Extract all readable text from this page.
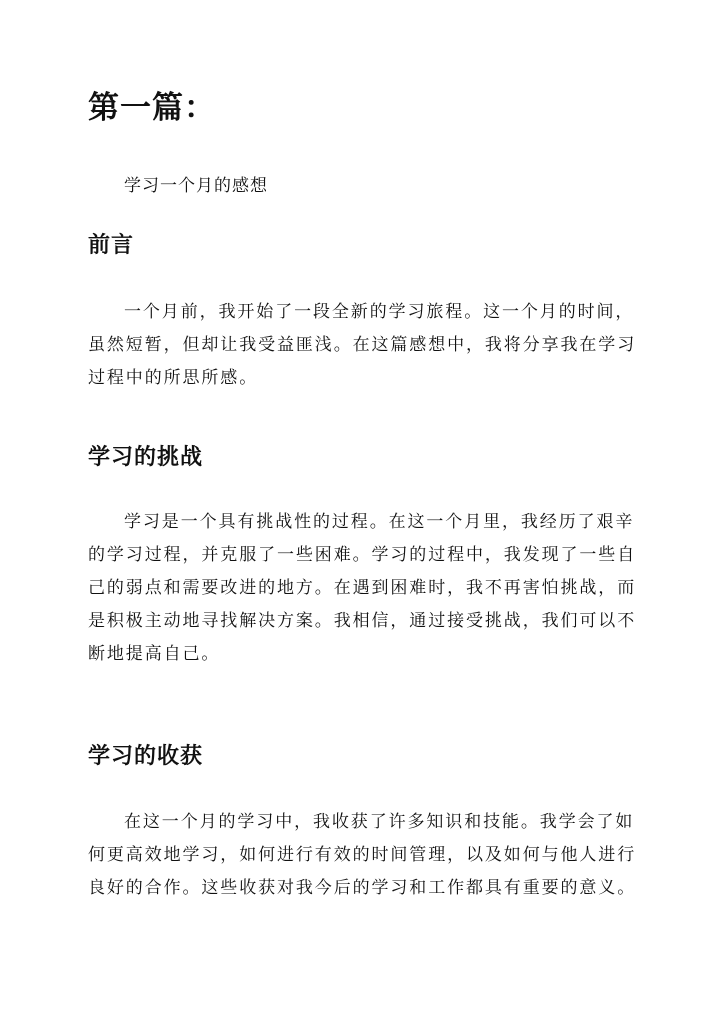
第一篇：

学习一个月的感想

前言

一个月前，我开始了一段全新的学习旅程。这一个月的时间，
虽然短暂，但却让我受益匪浅。在这篇感想中，我将分享我在学习
过程中的所思所感。

学习的挑战

学习是一个具有挑战性的过程。在这一个月里，我经历了艰辛
的学习过程，并克服了一些困难。学习的过程中，我发现了一些自
己的弱点和需要改进的地方。在遇到困难时，我不再害怕挑战，而
是积极主动地寻找解决方案。我相信，通过接受挑战，我们可以不
断地提高自己。

学习的收获

在这一个月的学习中，我收获了许多知识和技能。我学会了如
何更高效地学习，如何进行有效的时间管理，以及如何与他人进行
良好的合作。这些收获对我今后的学习和工作都具有重要的意义。
